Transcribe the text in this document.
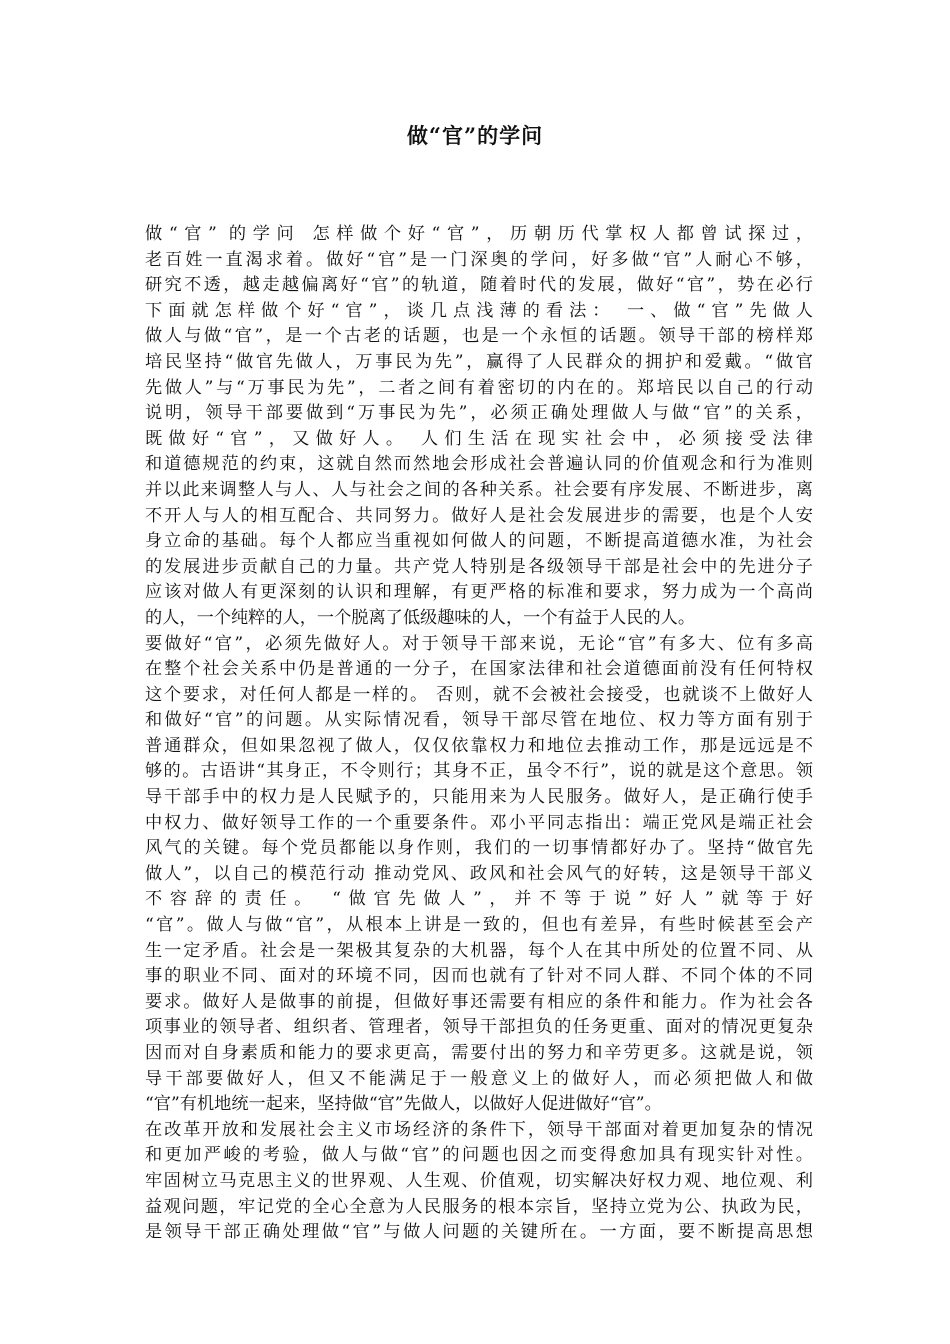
做“官”的学问
做“官” 的学问 怎样做个好“官”，历朝历代掌权人都曾试探过，
老百姓一直渴求着。做好“官”是一门深奥的学问，好多做“官”人耐心不够，
研究不透，越走越偏离好“官”的轨道，随着时代的发展，做好“官”，势在必行
下面就怎样做个好“官”，谈几点浅薄的看法： 一、做“官”先做人
做人与做“官”，是一个古老的话题，也是一个永恒的话题。领导干部的榜样郑
培民坚持“做官先做人，万事民为先”，赢得了人民群众的拥护和爱戴。“做官
先做人”与“万事民为先”，二者之间有着密切的内在的。郑培民以自己的行动
说明，领导干部要做到“万事民为先”，必须正确处理做人与做“官”的关系，
既做好“官”，又做好人。 人们生活在现实社会中，必须接受法律
和道德规范的约束，这就自然而然地会形成社会普遍认同的价值观念和行为准则
并以此来调整人与人、人与社会之间的各种关系。社会要有序发展、不断进步，离
不开人与人的相互配合、共同努力。做好人是社会发展进步的需要，也是个人安
身立命的基础。每个人都应当重视如何做人的问题，不断提高道德水准，为社会
的发展进步贡献自己的力量。共产党人特别是各级领导干部是社会中的先进分子
应该对做人有更深刻的认识和理解，有更严格的标准和要求，努力成为一个高尚
的人，一个纯粹的人，一个脱离了低级趣味的人，一个有益于人民的人。
要做好“官”，必须先做好人。对于领导干部来说，无论“官”有多大、位有多高
在整个社会关系中仍是普通的一分子，在国家法律和社会道德面前没有任何特权
这个要求，对任何人都是一样的。 否则，就不会被社会接受，也就谈不上做好人
和做好“官”的问题。从实际情况看，领导干部尽管在地位、权力等方面有别于
普通群众，但如果忽视了做人，仅仅依靠权力和地位去推动工作，那是远远是不
够的。古语讲“其身正，不令则行；其身不正，虽令不行”，说的就是这个意思。领
导干部手中的权力是人民赋予的，只能用来为人民服务。做好人，是正确行使手
中权力、做好领导工作的一个重要条件。邓小平同志指出：端正党风是端正社会
风气的关键。每个党员都能以身作则，我们的一切事情都好办了。坚持“做官先
做人”，以自己的模范行动 推动党风、政风和社会风气的好转，这是领导干部义
不容辞的责任。 “做官先做人”，并不等于说”好人”就等于好
“官”。做人与做“官”，从根本上讲是一致的，但也有差异，有些时候甚至会产
生一定矛盾。社会是一架极其复杂的大机器，每个人在其中所处的位置不同、从
事的职业不同、面对的环境不同，因而也就有了针对不同人群、不同个体的不同
要求。做好人是做事的前提，但做好事还需要有相应的条件和能力。作为社会各
项事业的领导者、组织者、管理者，领导干部担负的任务更重、面对的情况更复杂
因而对自身素质和能力的要求更高，需要付出的努力和辛劳更多。这就是说，领
导干部要做好人，但又不能满足于一般意义上的做好人，而必须把做人和做
“官”有机地统一起来，坚持做“官”先做人，以做好人促进做好“官”。
在改革开放和发展社会主义市场经济的条件下，领导干部面对着更加复杂的情况
和更加严峻的考验，做人与做“官”的问题也因之而变得愈加具有现实针对性。
牢固树立马克思主义的世界观、人生观、价值观，切实解决好权力观、地位观、利
益观问题，牢记党的全心全意为人民服务的根本宗旨，坚持立党为公、执政为民，
是领导干部正确处理做“官”与做人问题的关键所在。一方面，要不断提高思想
